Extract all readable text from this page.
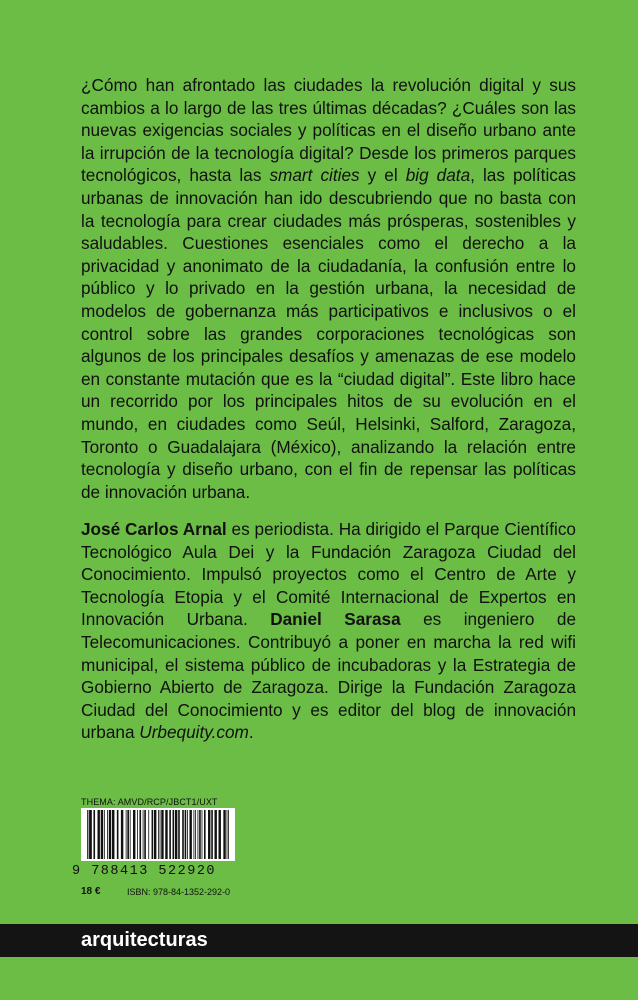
¿Cómo han afrontado las ciudades la revolución digital y sus cambios a lo largo de las tres últimas décadas? ¿Cuáles son las nuevas exigencias sociales y políticas en el diseño urbano ante la irrupción de la tecnología digital? Desde los primeros parques tecnológicos, hasta las smart cities y el big data, las políticas urbanas de innovación han ido descubriendo que no basta con la tecnología para crear ciudades más prósperas, sostenibles y saludables. Cuestiones esenciales como el derecho a la privacidad y anonimato de la ciudadanía, la confusión entre lo público y lo privado en la gestión urbana, la necesidad de modelos de gobernanza más participativos e inclusivos o el control sobre las grandes corporaciones tecnológicas son algunos de los principales desafíos y amenazas de ese modelo en constante mutación que es la “ciudad digital”. Este libro hace un recorrido por los principales hitos de su evolución en el mundo, en ciudades como Seúl, Helsinki, Salford, Zaragoza, Toronto o Guadalajara (México), analizando la relación entre tecnología y diseño urbano, con el fin de repensar las políticas de innovación urbana.

José Carlos Arnal es periodista. Ha dirigido el Parque Científico Tecnológico Aula Dei y la Fundación Zaragoza Ciudad del Conocimiento. Impulsó proyectos como el Centro de Arte y Tecnología Etopia y el Comité Internacional de Expertos en Innovación Urbana. Daniel Sarasa es ingeniero de Telecomunicaciones. Contribuyó a poner en marcha la red wifi municipal, el sistema público de incubadoras y la Estrategia de Gobierno Abierto de Zaragoza. Dirige la Fundación Zaragoza Ciudad del Conocimiento y es editor del blog de innovación urbana Urbequity.com.

THEMA: AMVD/RCP/JBCT1/UXT
9 788413 522920
18 €	ISBN: 978-84-1352-292-0
arquitecturas
